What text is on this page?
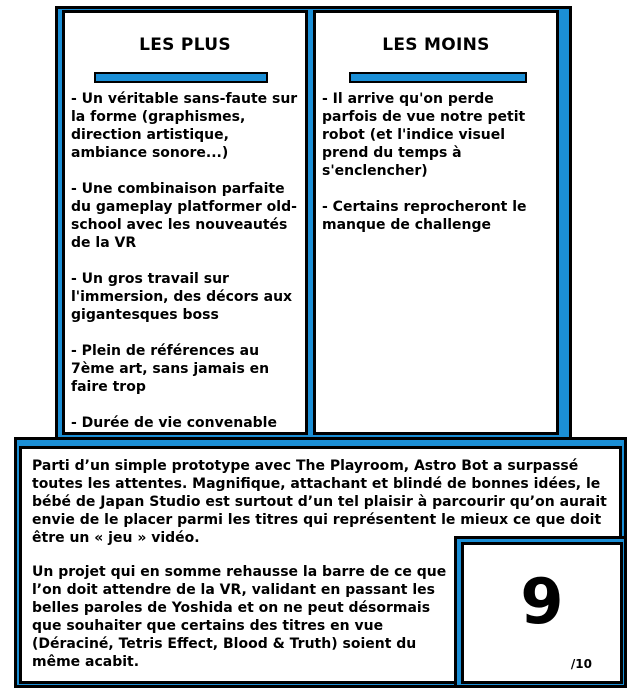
LES PLUS
- Un véritable sans-faute sur la forme (graphismes, direction artistique, ambiance sonore...)
- Une combinaison parfaite du gameplay platformer old-school avec les nouveautés de la VR
- Un gros travail sur l'immersion, des décors aux gigantesques boss
- Plein de références au 7ème art, sans jamais en faire trop
- Durée de vie convenable
LES MOINS
- Il arrive qu'on perde parfois de vue notre petit robot (et l'indice visuel prend du temps à s'enclencher)
- Certains reprocheront le manque de challenge

Parti d’un simple prototype avec The Playroom, Astro Bot a surpassé toutes les attentes. Magnifique, attachant et blindé de bonnes idées, le bébé de Japan Studio est surtout d’un tel plaisir à parcourir qu’on aurait envie de le placer parmi les titres qui représentent le mieux ce que doit être un « jeu » vidéo.

Un projet qui en somme rehausse la barre de ce que l’on doit attendre de la VR, validant en passant les belles paroles de Yoshida et on ne peut désormais que souhaiter que certains des titres en vue (Déraciné, Tetris Effect, Blood & Truth) soient du même acabit.

9
/10
